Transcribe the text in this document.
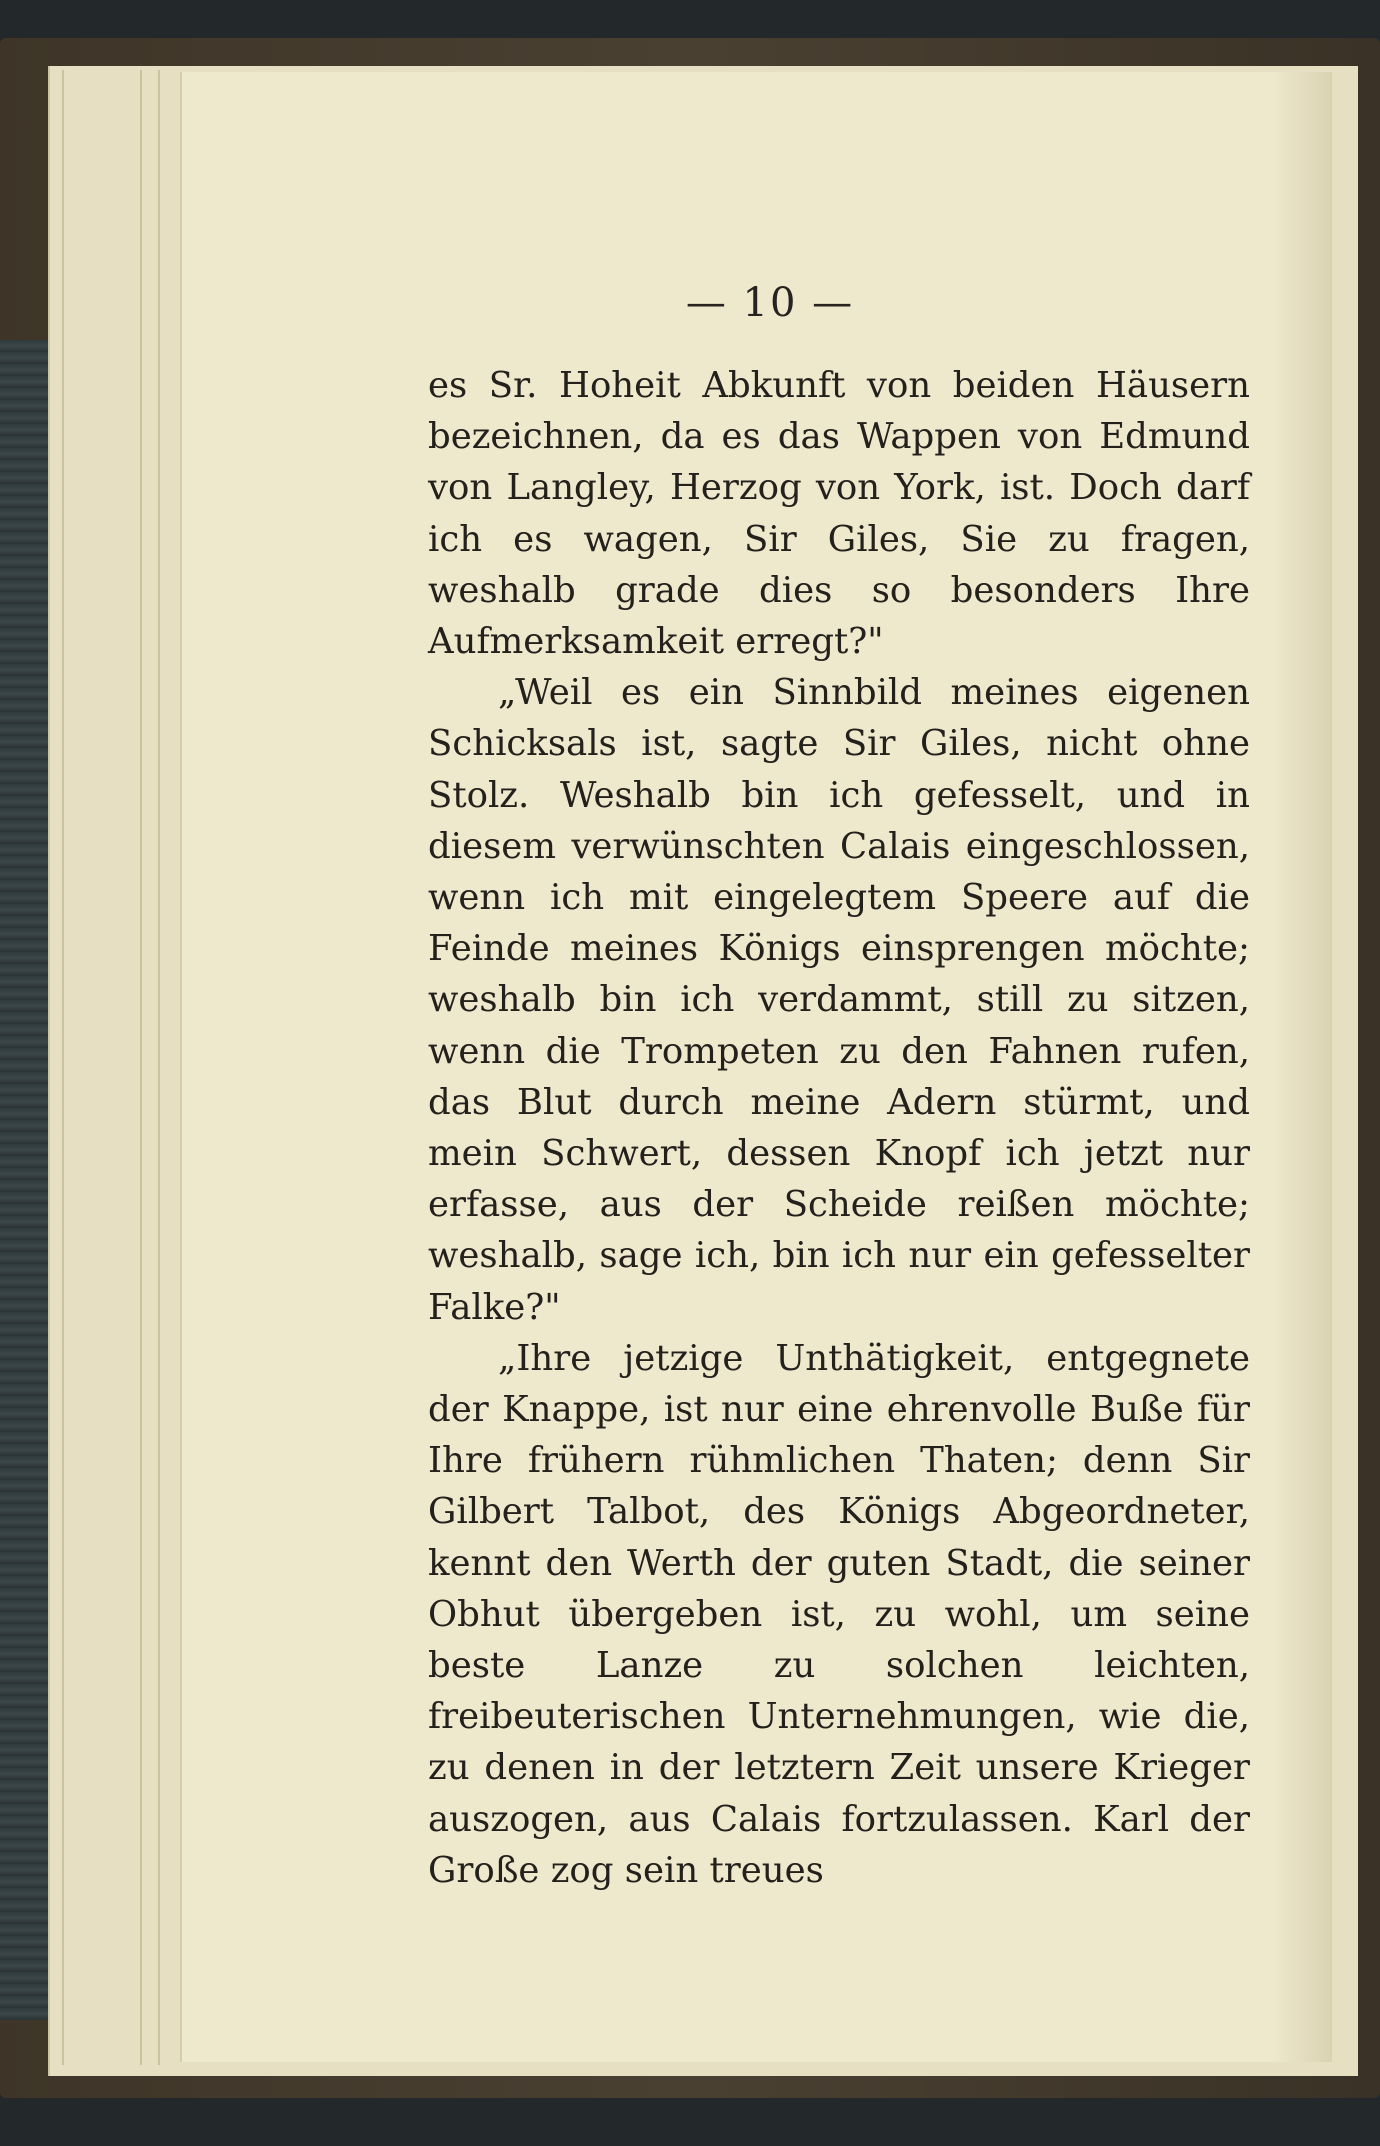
— 10 —

es Sr. Hoheit Abkunft von beiden Häusern bezeichnen, da es das Wappen von Edmund von Langley, Herzog von York, ist. Doch darf ich es wagen, Sir Giles, Sie zu fragen, weshalb grade dies so besonders Ihre Aufmerksamkeit erregt?"

„Weil es ein Sinnbild meines eigenen Schicksals ist, sagte Sir Giles, nicht ohne Stolz. Weshalb bin ich gefesselt, und in diesem verwünschten Calais eingeschlossen, wenn ich mit eingelegtem Speere auf die Feinde meines Königs einsprengen möchte; weshalb bin ich verdammt, still zu sitzen, wenn die Trompeten zu den Fahnen rufen, das Blut durch meine Adern stürmt, und mein Schwert, dessen Knopf ich jetzt nur erfasse, aus der Scheide reißen möchte; weshalb, sage ich, bin ich nur ein gefesselter Falke?"

„Ihre jetzige Unthätigkeit, entgegnete der Knappe, ist nur eine ehrenvolle Buße für Ihre frühern rühmlichen Thaten; denn Sir Gilbert Talbot, des Königs Abgeordneter, kennt den Werth der guten Stadt, die seiner Obhut übergeben ist, zu wohl, um seine beste Lanze zu solchen leichten, freibeuterischen Unternehmungen, wie die, zu denen in der letztern Zeit unsere Krieger auszogen, aus Calais fortzulassen. Karl der Große zog sein treues
